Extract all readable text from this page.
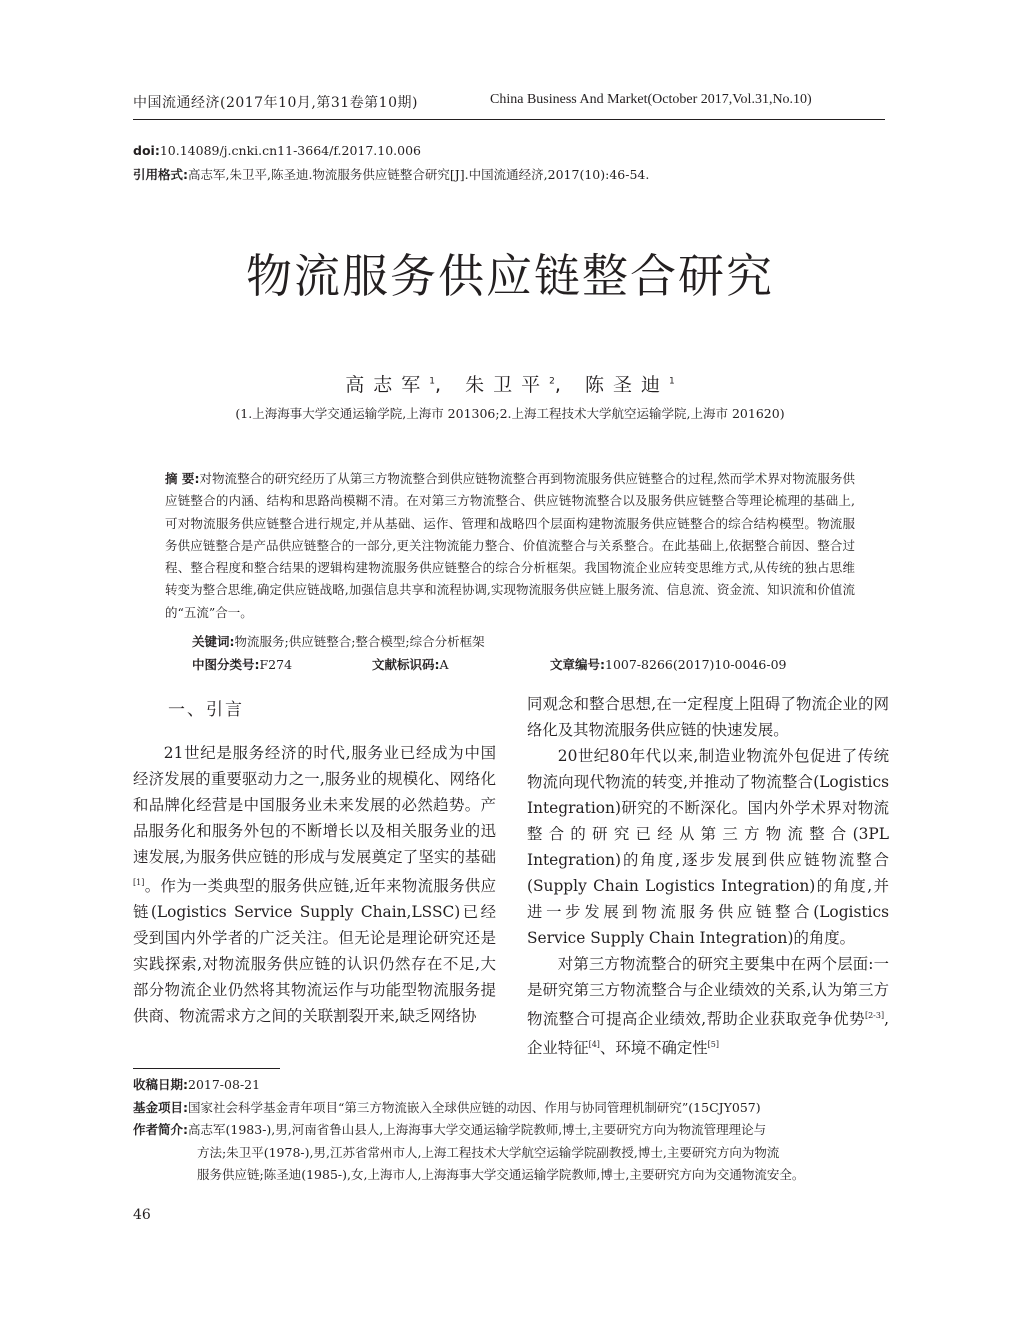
中国流通经济(2017年10月,第31卷第10期)	China Business And Market(October 2017,Vol.31,No.10)
doi:10.14089/j.cnki.cn11-3664/f.2017.10.006
引用格式:高志军,朱卫平,陈圣迪.物流服务供应链整合研究[J].中国流通经济,2017(10):46-54.
物流服务供应链整合研究
高志军$^1$, 朱卫平$^2$, 陈圣迪$^1$
(1.上海海事大学交通运输学院,上海市 201306;2.上海工程技术大学航空运输学院,上海市 201620)
摘 要:对物流整合的研究经历了从第三方物流整合到供应链物流整合再到物流服务供应链整合的过程,然而学术界对物流服务供应链整合的内涵、结构和思路尚模糊不清。在对第三方物流整合、供应链物流整合以及服务供应链整合等理论梳理的基础上,可对物流服务供应链整合进行规定,并从基础、运作、管理和战略四个层面构建物流服务供应链整合的综合结构模型。物流服务供应链整合是产品供应链整合的一部分,更关注物流能力整合、价值流整合与关系整合。在此基础上,依据整合前因、整合过程、整合程度和整合结果的逻辑构建物流服务供应链整合的综合分析框架。我国物流企业应转变思维方式,从传统的独占思维转变为整合思维,确定供应链战略,加强信息共享和流程协调,实现物流服务供应链上服务流、信息流、资金流、知识流和价值流的“五流”合一。
关键词:物流服务;供应链整合;整合模型;综合分析框架
中图分类号:F274	文献标识码:A	文章编号:1007-8266(2017)10-0046-09
一、引言

21世纪是服务经济的时代,服务业已经成为中国经济发展的重要驱动力之一,服务业的规模化、网络化和品牌化经营是中国服务业未来发展的必然趋势。产品服务化和服务外包的不断增长以及相关服务业的迅速发展,为服务供应链的形成与发展奠定了坚实的基础[1]。作为一类典型的服务供应链,近年来物流服务供应链(Logistics Service Supply Chain,LSSC)已经受到国内外学者的广泛关注。但无论是理论研究还是实践探索,对物流服务供应链的认识仍然存在不足,大部分物流企业仍然将其物流运作与功能型物流服务提供商、物流需求方之间的关联割裂开来,缺乏网络协

同观念和整合思想,在一定程度上阻碍了物流企业的网络化及其物流服务供应链的快速发展。

20世纪80年代以来,制造业物流外包促进了传统物流向现代物流的转变,并推动了物流整合(Logistics Integration)研究的不断深化。国内外学术界对物流整合的研究已经从第三方物流整合(3PL Integration)的角度,逐步发展到供应链物流整合(Supply Chain Logistics Integration)的角度,并进一步发展到物流服务供应链整合(Logistics Service Supply Chain Integration)的角度。

对第三方物流整合的研究主要集中在两个层面:一是研究第三方物流整合与企业绩效的关系,认为第三方物流整合可提高企业绩效,帮助企业获取竞争优势[2-3],企业特征[4]、环境不确定性[5]

收稿日期:2017-08-21
基金项目:国家社会科学基金青年项目“第三方物流嵌入全球供应链的动因、作用与协同管理机制研究”(15CJY057)
作者简介:高志军(1983-),男,河南省鲁山县人,上海海事大学交通运输学院教师,博士,主要研究方向为物流管理理论与
方法;朱卫平(1978-),男,江苏省常州市人,上海工程技术大学航空运输学院副教授,博士,主要研究方向为物流
服务供应链;陈圣迪(1985-),女,上海市人,上海海事大学交通运输学院教师,博士,主要研究方向为交通物流安全。
46
